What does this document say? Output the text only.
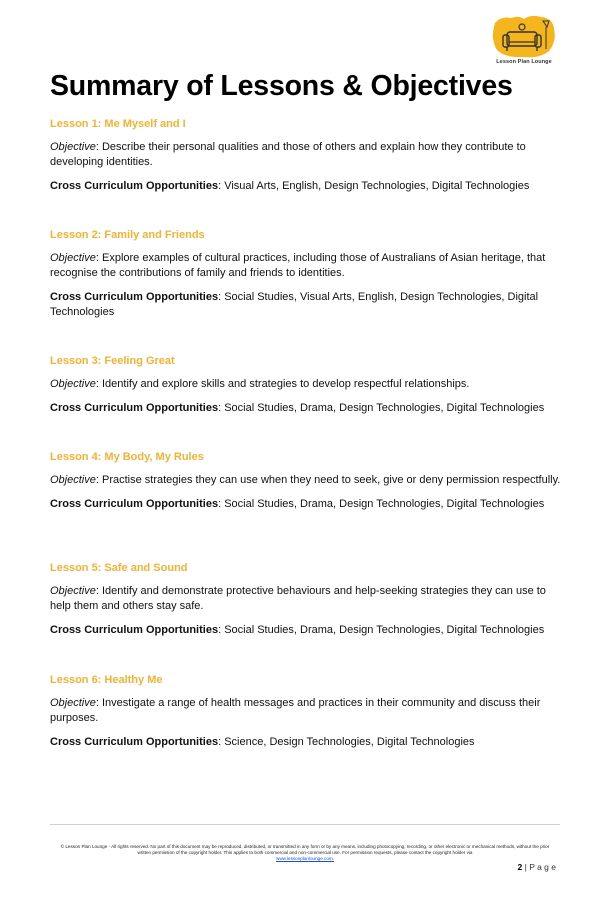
Lesson Plan Lounge
Summary of Lessons & Objectives
Lesson 1: Me Myself and I

Objective: Describe their personal qualities and those of others and explain how they contribute to developing identities.

Cross Curriculum Opportunities: Visual Arts, English, Design Technologies, Digital Technologies

Lesson 2: Family and Friends

Objective: Explore examples of cultural practices, including those of Australians of Asian heritage, that recognise the contributions of family and friends to identities.

Cross Curriculum Opportunities: Social Studies, Visual Arts, English, Design Technologies, Digital Technologies

Lesson 3: Feeling Great

Objective: Identify and explore skills and strategies to develop respectful relationships.

Cross Curriculum Opportunities: Social Studies, Drama, Design Technologies, Digital Technologies

Lesson 4: My Body, My Rules

Objective: Practise strategies they can use when they need to seek, give or deny permission respectfully.

Cross Curriculum Opportunities: Social Studies, Drama, Design Technologies, Digital Technologies

Lesson 5: Safe and Sound

Objective: Identify and demonstrate protective behaviours and help-seeking strategies they can use to help them and others stay safe.

Cross Curriculum Opportunities: Social Studies, Drama, Design Technologies, Digital Technologies

Lesson 6: Healthy Me

Objective: Investigate a range of health messages and practices in their community and discuss their purposes.

Cross Curriculum Opportunities: Science, Design Technologies, Digital Technologies

© Lesson Plan Lounge - All rights reserved. No part of this document may be reproduced, distributed, or transmitted in any form or by any means, including photocopying, recording, or other electronic or mechanical methods, without the prior written permission of the copyright holder. This applies to both commercial and non-commercial use. For permission requests, please contact the copyright holder via
www.lessonplanlounge.com.
2 | P a g e
